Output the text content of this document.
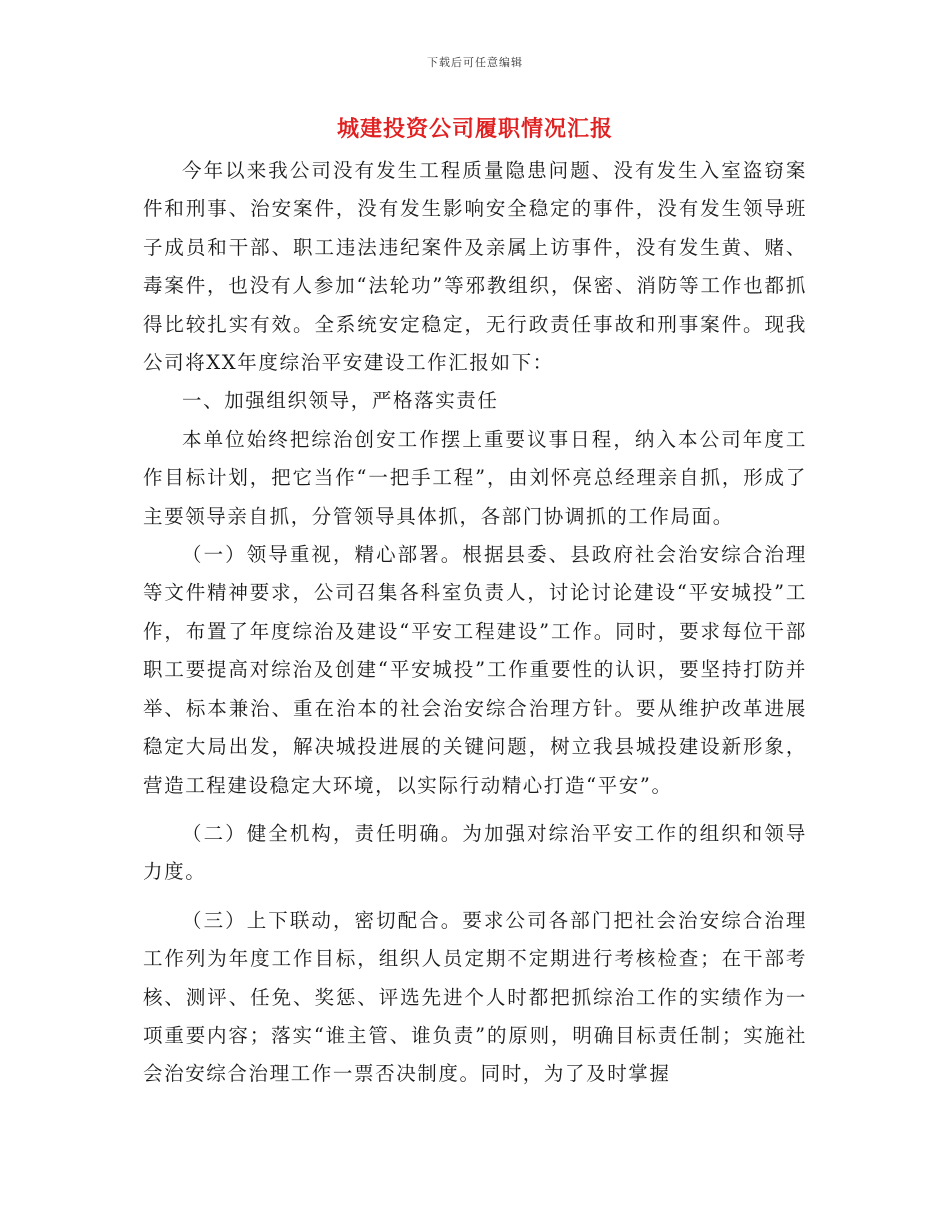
下载后可任意编辑
城建投资公司履职情况汇报

今年以来我公司没有发生工程质量隐患问题、没有发生入室盗窃案件和刑事、治安案件，没有发生影响安全稳定的事件，没有发生领导班子成员和干部、职工违法违纪案件及亲属上访事件，没有发生黄、赌、毒案件，也没有人参加“法轮功”等邪教组织，保密、消防等工作也都抓得比较扎实有效。全系统安定稳定，无行政责任事故和刑事案件。现我公司将XX年度综治平安建设工作汇报如下：

一、加强组织领导，严格落实责任

本单位始终把综治创安工作摆上重要议事日程，纳入本公司年度工作目标计划，把它当作“一把手工程”，由刘怀亮总经理亲自抓，形成了主要领导亲自抓，分管领导具体抓，各部门协调抓的工作局面。

（一）领导重视，精心部署。根据县委、县政府社会治安综合治理等文件精神要求，公司召集各科室负责人，讨论讨论建设“平安城投”工作，布置了年度综治及建设“平安工程建设”工作。同时，要求每位干部职工要提高对综治及创建“平安城投”工作重要性的认识，要坚持打防并举、标本兼治、重在治本的社会治安综合治理方针。要从维护改革进展稳定大局出发，解决城投进展的关键问题，树立我县城投建设新形象，营造工程建设稳定大环境，以实际行动精心打造“平安”。

（二）健全机构，责任明确。为加强对综治平安工作的组织和领导力度。

（三）上下联动，密切配合。要求公司各部门把社会治安综合治理工作列为年度工作目标，组织人员定期不定期进行考核检查；在干部考核、测评、任免、奖惩、评选先进个人时都把抓综治工作的实绩作为一项重要内容；落实“谁主管、谁负责”的原则，明确目标责任制；实施社会治安综合治理工作一票否决制度。同时，为了及时掌握
